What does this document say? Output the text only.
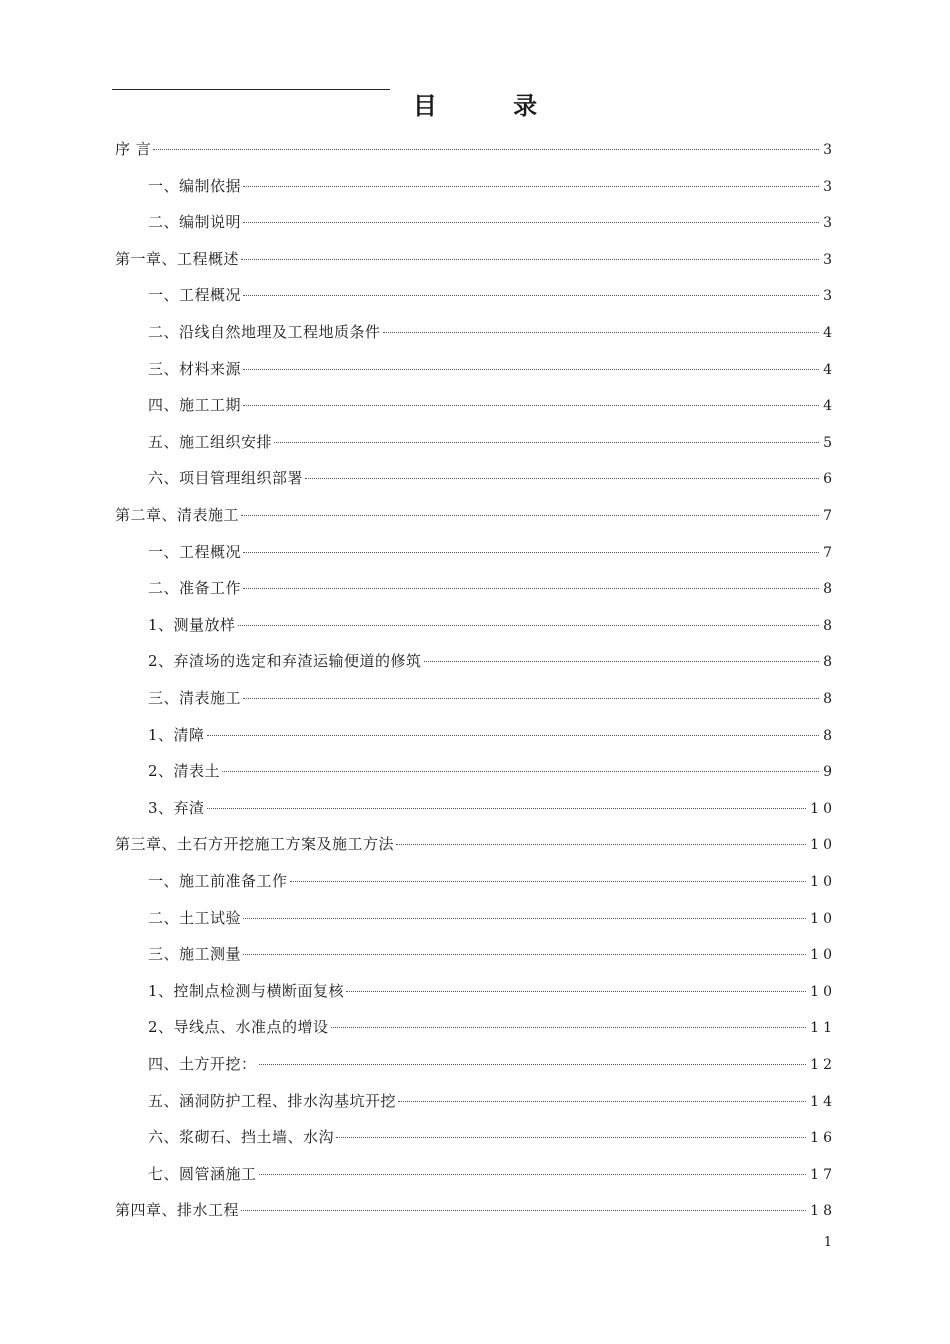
目 录
序 言	3
一、编制依据	3
二、编制说明	3
第一章、工程概述	3
一、工程概况	3
二、沿线自然地理及工程地质条件	4
三、材料来源	4
四、施工工期	4
五、施工组织安排	5
六、项目管理组织部署	6
第二章、清表施工	7
一、工程概况	7
二、准备工作	8
1、测量放样	8
2、弃渣场的选定和弃渣运输便道的修筑	8
三、清表施工	8
1、清障	8
2、清表土	9
3、弃渣	10
第三章、土石方开挖施工方案及施工方法	10
一、施工前准备工作	10
二、土工试验	10
三、施工测量	10
1、控制点检测与横断面复核	10
2、导线点、水准点的增设	11
四、土方开挖：	12
五、涵洞防护工程、排水沟基坑开挖	14
六、浆砌石、挡土墙、水沟	16
七、圆管涵施工	17
第四章、排水工程	18
1
